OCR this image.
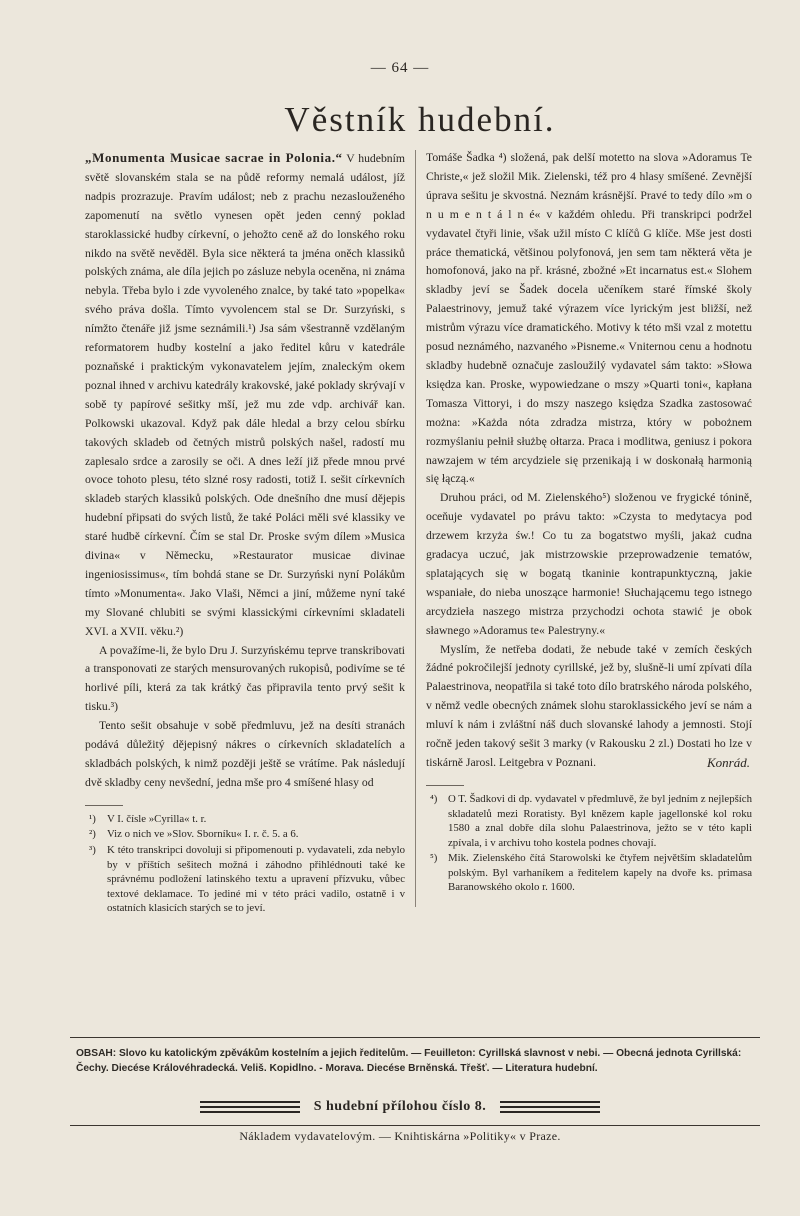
— 64 —
Věstník hudební.

„Monumenta Musicae sacrae in Polonia.“ V hudebním světě slovanském stala se na půdě reformy nemalá událost, jíž nadpis prozrazuje. Pravím událost; neb z prachu nezaslouženého zapomenutí na světlo vynesen opět jeden cenný poklad staroklassické hudby církevní, o jehožto ceně až do lonského roku nikdo na světě nevěděl. Byla sice některá ta jména oněch klassiků polských známa, ale díla jejich po zásluze nebyla oceněna, ni známa nebyla. Třeba bylo i zde vyvoleného znalce, by také tato »popelka« svého práva došla. Tímto vyvolencem stal se Dr. Surzyński, s nímžto čtenáře již jsme seznámili.¹) Jsa sám všestranně vzdělaným reformatorem hudby kostelní a jako ředitel kůru v katedrále poznaňské i praktickým vykonavatelem jejím, znaleckým okem poznal ihned v archivu katedrály krakovské, jaké poklady skrývají v sobě ty papírové sešitky mší, jež mu zde vdp. archivář kan. Polkowski ukazoval. Když pak dále hledal a brzy celou sbírku takových skladeb od četných mistrů polských našel, radostí mu zaplesalo srdce a zarosily se oči. A dnes leží již přede mnou prvé ovoce tohoto plesu, této slzné rosy radosti, totiž I. sešit církevních skladeb starých klassiků polských. Ode dnešního dne musí dějepis hudební připsati do svých listů, že také Poláci měli své klassiky ve staré hudbě církevní. Čím se stal Dr. Proske svým dílem »Musica divina« v Německu, »Restaurator musicae divinae ingeniosissimus«, tím bohdá stane se Dr. Surzyński nyní Polákům tímto »Monumenta«. Jako Vlaši, Němci a jiní, můžeme nyní také my Slované chlubiti se svými klassickými církevními skladateli XVI. a XVII. věku.²)

A považíme-li, že bylo Dru J. Surzyńskému teprve transkribovati a transponovati ze starých mensurovaných rukopisů, podivíme se té horlivé píli, která za tak krátký čas připravila tento prvý sešit k tisku.³)

Tento sešit obsahuje v sobě předmluvu, jež na desíti stranách podává důležitý dějepisný nákres o církevních skladatelích a skladbách polských, k nimž později ještě se vrátíme. Pak následují dvě skladby ceny nevšední, jedna mše pro 4 smíšené hlasy od

¹)	V I. čísle »Cyrilla« t. r.
²)	Viz o nich ve »Slov. Sborníku« I. r. č. 5. a 6.
³)	K této transkripci dovoluji si připomenouti p. vydavateli, zda nebylo by v příštích sešitech možná i záhodno přihlédnouti také ke správnému podložení latinského textu a upravení přízvuku, vůbec textové deklamace. To jediné mi v této práci vadilo, ostatně i v ostatních klasicích starých se to jeví.

Tomáše Šadka ⁴) složená, pak delší motetto na slova »Adoramus Te Christe,« jež složil Mik. Zielenski, též pro 4 hlasy smíšené. Zevnější úprava sešitu je skvostná. Neznám krásnější. Pravé to tedy dílo »m o n u m e n t á l n é« v každém ohledu. Při transkripci podržel vydavatel čtyři linie, však užil místo C klíčů G klíče. Mše jest dosti práce thematická, většinou polyfonová, jen sem tam některá věta je homofonová, jako na př. krásné, zbožné »Et incarnatus est.« Slohem skladby jeví se Šadek docela učeníkem staré římské školy Palaestrinovy, jemuž také výrazem více lyrickým jest bližší, než mistrům výrazu více dramatického. Motivy k této mši vzal z motettu posud neznámého, nazvaného »Pisneme.« Vniternou cenu a hodnotu skladby hudebně označuje zasloužilý vydavatel sám takto: »Słowa księdza kan. Proske, wypowiedzane o mszy »Quarti toni«, kapłana Tomasza Vittoryi, i do mszy naszego księdza Szadka zastosować można: »Każda nóta zdradza mistrza, który w pobożnem rozmyślaniu pełnił służbę ołtarza. Praca i modlitwa, geniusz i pokora nawzajem w tém arcydziele się przenikają i w doskonałą harmonią się łączą.«

Druhou práci, od M. Zielenského⁵) složenou ve frygické tónině, oceňuje vydavatel po právu takto: »Czysta to medytacya pod drzewem krzyża św.! Co tu za bogatstwo myśli, jakaż cudna gradacya uczuć, jak mistrzowskie przeprowadzenie tematów, splatających się w bogatą tkaninie kontrapunktyczną, jakie wspaniałe, do nieba unoszące harmonie! Słuchającemu tego istnego arcydzieła naszego mistrza przychodzi ochota stawić je obok sławnego »Adoramus te« Palestryny.«

Myslím, že netřeba dodati, že nebude také v zemích českých žádné pokročilejší jednoty cyrillské, jež by, slušně-li umí zpívati díla Palaestrinova, neopatřila si také toto dílo bratrského národa polského, v němž vedle obecných známek slohu staroklassického jeví se nám a mluví k nám i zvláštní náš duch slovanské lahody a jemnosti. Stojí ročně jeden takový sešit 3 marky (v Rakousku 2 zl.) Dostati ho lze v tiskárně Jarosl. Leitgebra v Poznani.	Konrád.

⁴) O T. Šadkovi di dp. vydavatel v předmluvě, že byl jedním z nejlepších skladatelů mezi Roratisty. Byl knězem kaple jagellonské kol roku 1580 a znal dobře díla slohu Palaestrinova, ježto se v této kapli zpívala, i v archivu toho kostela podnes chovají.
⁵) Mik. Zielenského čítá Starowolski ke čtyřem největším skladatelům polským. Byl varhaníkem a ředitelem kapely na dvoře ks. primasa Baranowského okolo r. 1600.
OBSAH: Slovo ku katolickým zpěvákům kostelním a jejich ředitelům. — Feuilleton: Cyrillská slavnost v nebi. — Obecná jednota Cyrillská: Čechy. Diecése Královéhradecká. Veliš. Kopidlno. - Morava. Diecése Brněnská. Třešť. — Literatura hudební.
S hudební přílohou číslo 8.
Nákladem vydavatelovým. — Knihtiskárna »Politiky« v Praze.
